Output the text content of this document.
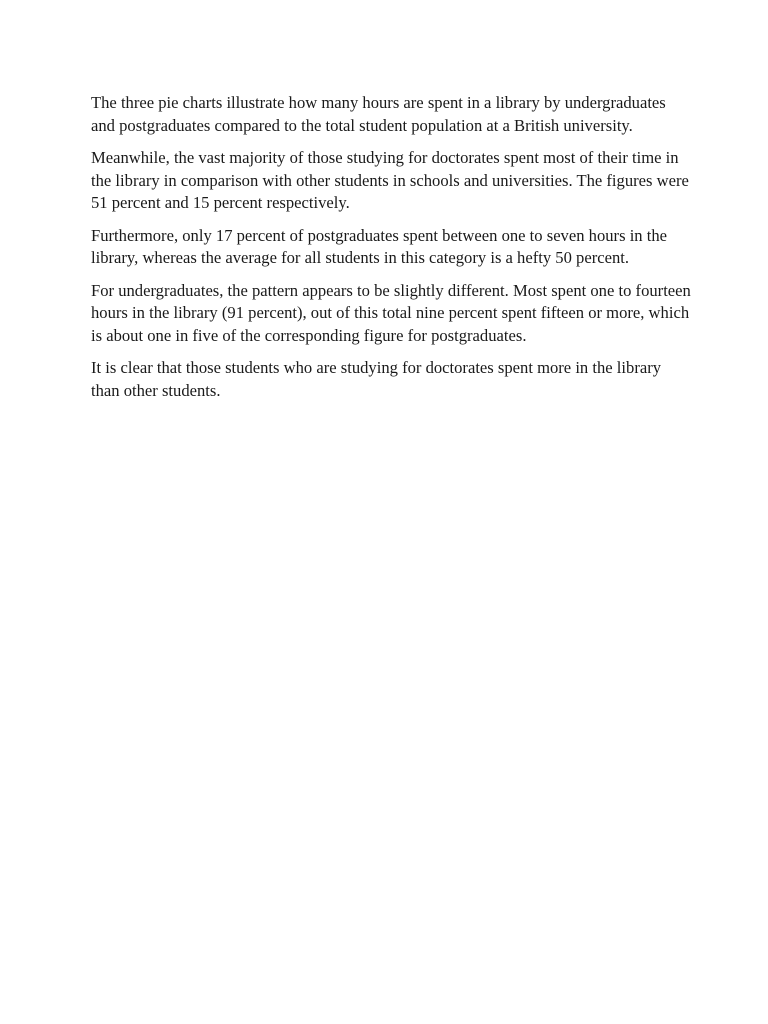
The three pie charts illustrate how many hours are spent in a library by undergraduates and postgraduates compared to the total student population at a British university.

Meanwhile, the vast majority of those studying for doctorates spent most of their time in the library in comparison with other students in schools and universities. The figures were 51 percent and 15 percent respectively.

Furthermore, only 17 percent of postgraduates spent between one to seven hours in the library, whereas the average for all students in this category is a hefty 50 percent.

For undergraduates, the pattern appears to be slightly different. Most spent one to fourteen hours in the library (91 percent), out of this total nine percent spent fifteen or more, which is about one in five of the corresponding figure for postgraduates.

It is clear that those students who are studying for doctorates spent more in the library than other students.
